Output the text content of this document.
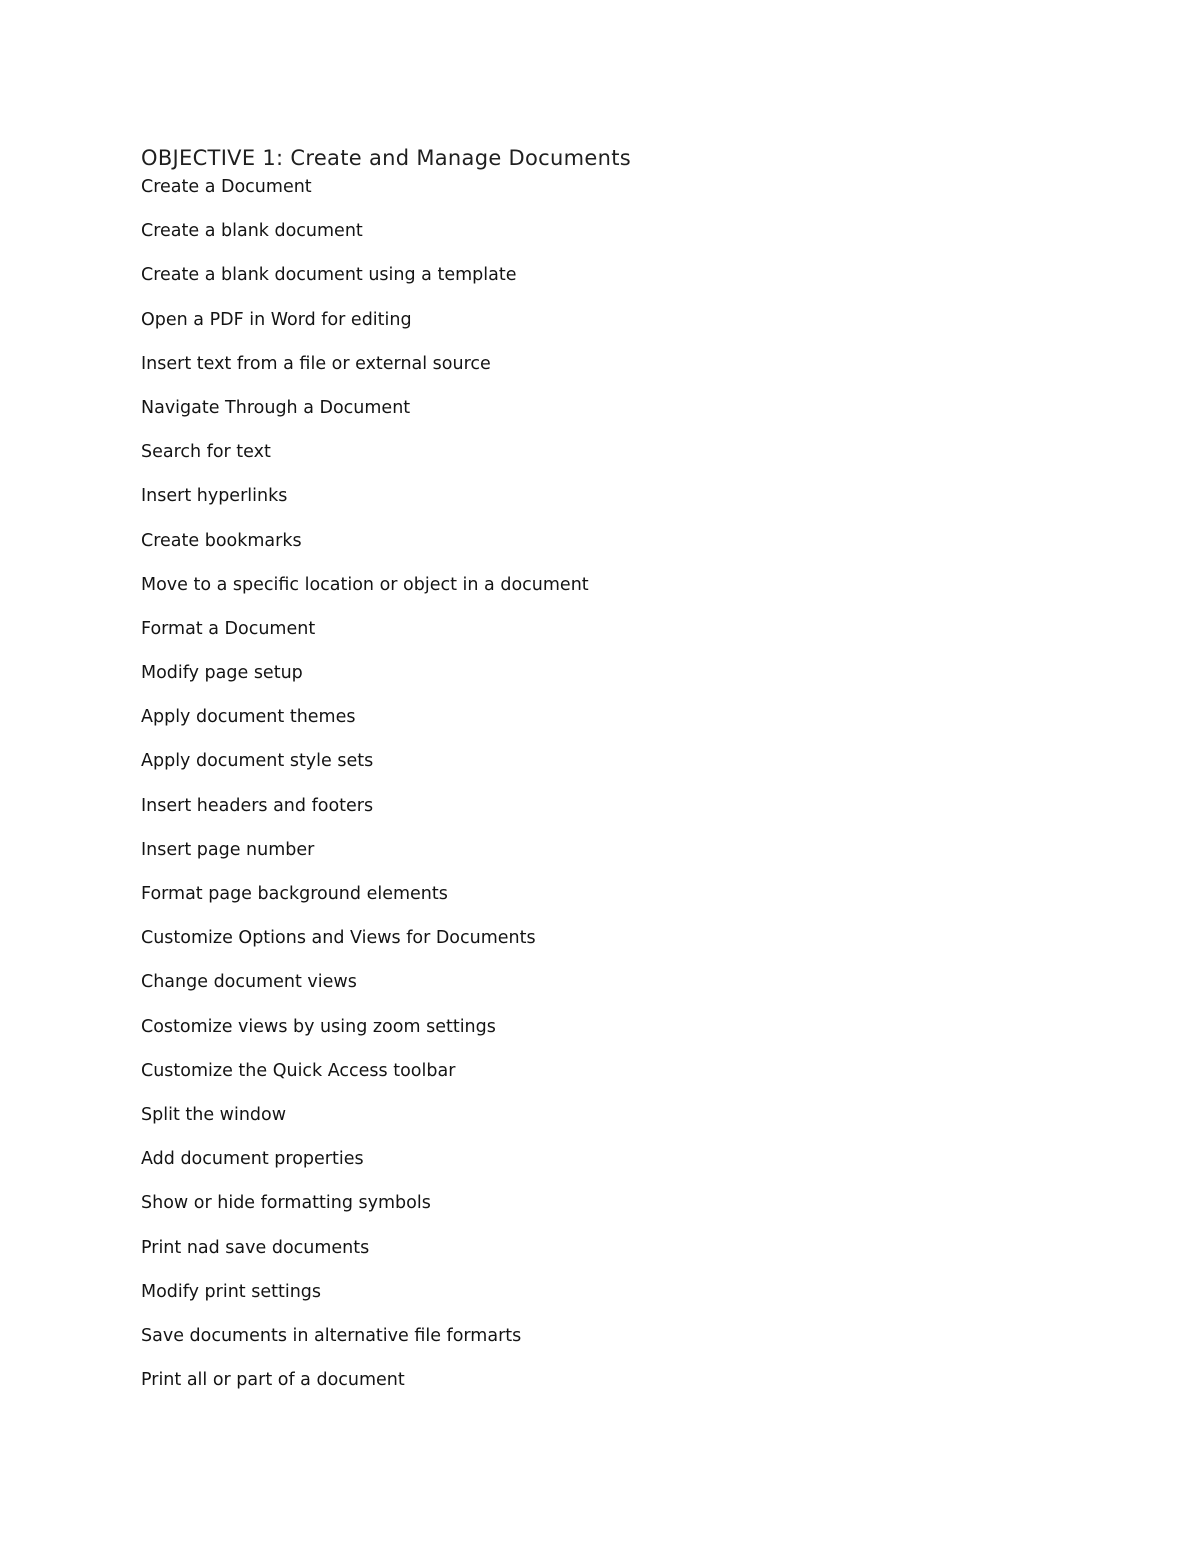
OBJECTIVE 1: Create and Manage Documents
Create a Document
Create a blank document
Create a blank document using a template
Open a PDF in Word for editing
Insert text from a file or external source
Navigate Through a Document
Search for text
Insert hyperlinks
Create bookmarks
Move to a specific location or object in a document
Format a Document
Modify page setup
Apply document themes
Apply document style sets
Insert headers and footers
Insert page number
Format page background elements
Customize Options and Views for Documents
Change document views
Costomize views by using zoom settings
Customize the Quick Access toolbar
Split the window
Add document properties
Show or hide formatting symbols
Print nad save documents
Modify print settings
Save documents in alternative file formarts
Print all or part of a document
